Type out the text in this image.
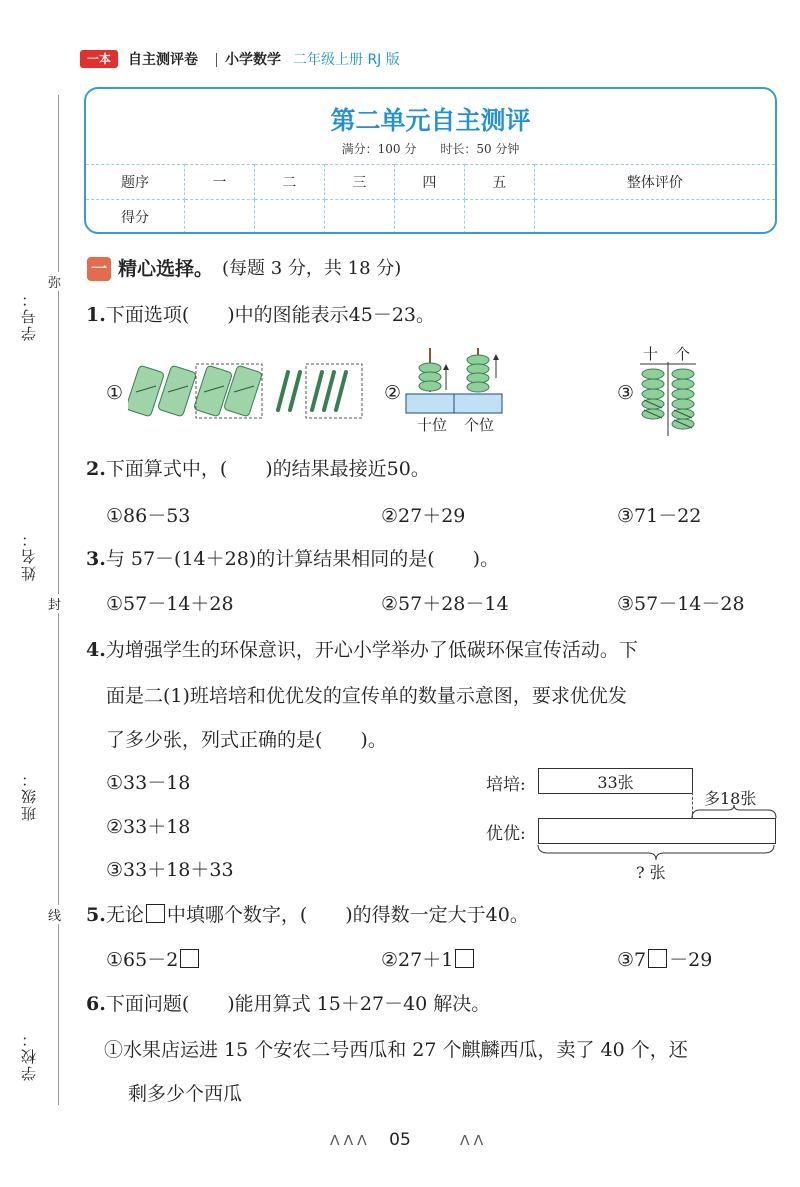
一本	自主测评卷 小学数学 二年级上册 RJ 版
第二单元自主测评
满分：100 分　　时长：50 分钟
题序	一	二	三	四	五	整体评价
得分						
学号：
姓名：
班级：
学校：
弥
封
线
一 精心选择。 (每题 3 分，共 18 分)
1.下面选项(　　)中的图能表示45－23。
①	②
十位	个位
③
十 个
2.下面算式中，(　　)的结果最接近50。
①86－53	②27＋29	③71－22
3.与 57－(14＋28)的计算结果相同的是(　　)。
①57－14＋28	②57＋28－14	③57－14－28
4.为增强学生的环保意识，开心小学举办了低碳环保宣传活动。下
面是二(1)班培培和优优发的宣传单的数量示意图，要求优优发
了多少张，列式正确的是(　　)。
①33－18
②33＋18
③33＋18＋33
培培:	33张
优优:
多18张
? 张
5.无论 中填哪个数字，(　　)的得数一定大于40。
①65－2	②27＋1	③7 －29
6.下面问题(　　)能用算式 15＋27－40 解决。
①水果店运进 15 个安农二号西瓜和 27 个麒麟西瓜，卖了 40 个，还
剩多少个西瓜
ⴷⴷⴷ	05	ⴷⴷ
